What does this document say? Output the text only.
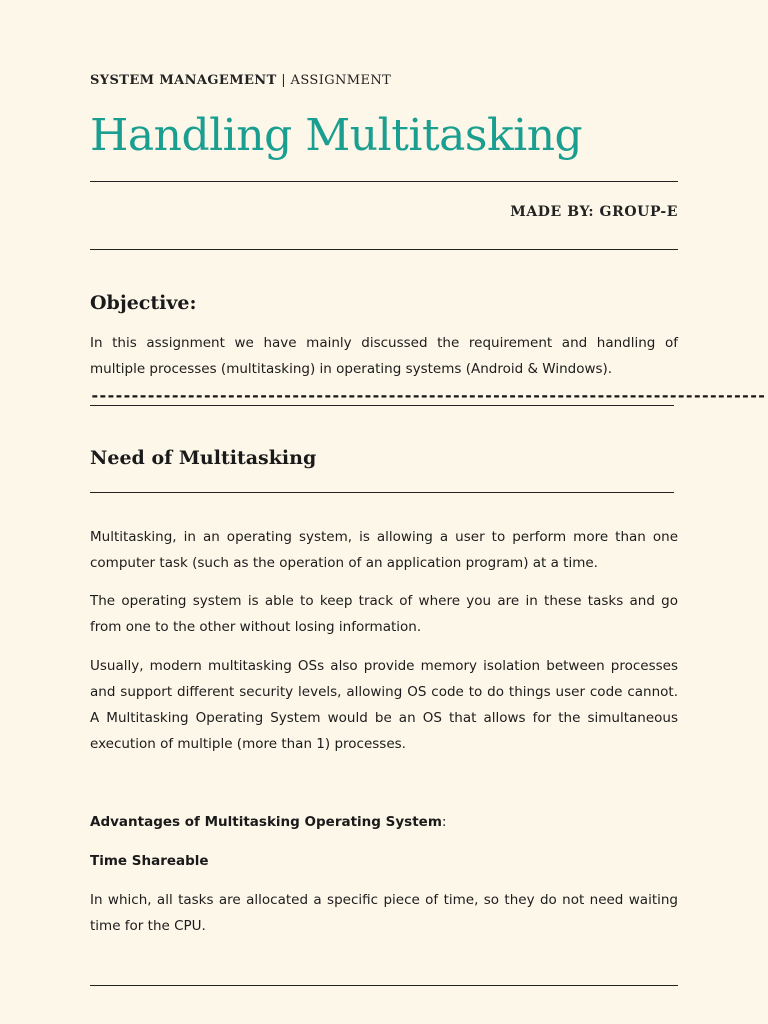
SYSTEM MANAGEMENT | ASSIGNMENT
Handling Multitasking
MADE BY: GROUP-E
Objective:
In this assignment we have mainly discussed the requirement and handling of multiple processes (multitasking) in operating systems (Android & Windows).
------------------------------------------------------------------------------------
Need of Multitasking
Multitasking, in an operating system, is allowing a user to perform more than one computer task (such as the operation of an application program) at a time.
The operating system is able to keep track of where you are in these tasks and go from one to the other without losing information.
Usually, modern multitasking OSs also provide memory isolation between processes and support different security levels, allowing OS code to do things user code cannot. A Multitasking Operating System would be an OS that allows for the simultaneous execution of multiple (more than 1) processes.
Advantages of Multitasking Operating System:
Time Shareable
In which, all tasks are allocated a specific piece of time, so they do not need waiting time for the CPU.
